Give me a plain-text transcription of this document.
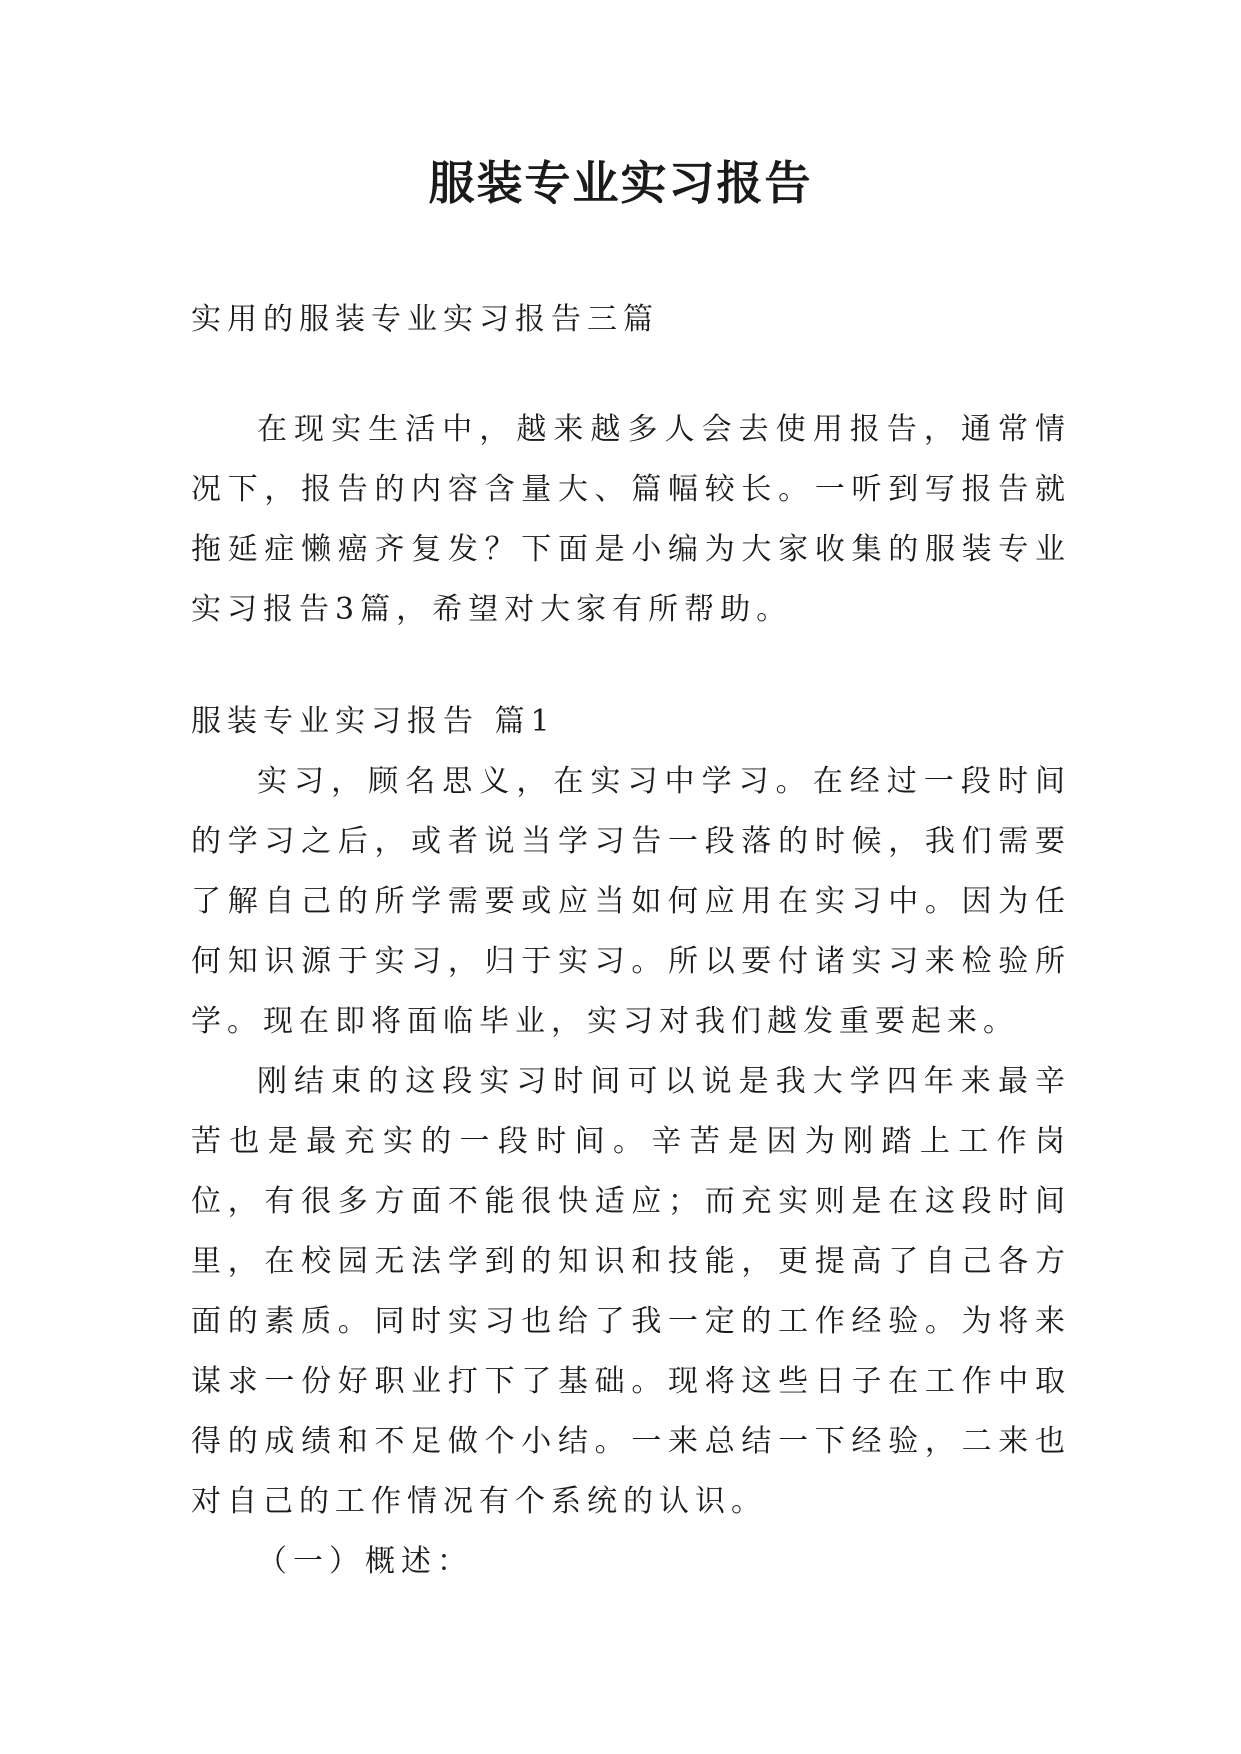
服装专业实习报告

实用的服装专业实习报告三篇

在现实生活中，越来越多人会去使用报告，通常情况下，报告的内容含量大、篇幅较长。一听到写报告就拖延症懒癌齐复发？下面是小编为大家收集的服装专业实习报告3篇，希望对大家有所帮助。

服装专业实习报告 篇1

实习，顾名思义，在实习中学习。在经过一段时间的学习之后，或者说当学习告一段落的时候，我们需要了解自己的所学需要或应当如何应用在实习中。因为任何知识源于实习，归于实习。所以要付诸实习来检验所学。现在即将面临毕业，实习对我们越发重要起来。

刚结束的这段实习时间可以说是我大学四年来最辛苦也是最充实的一段时间。辛苦是因为刚踏上工作岗位，有很多方面不能很快适应；而充实则是在这段时间里，在校园无法学到的知识和技能，更提高了自己各方面的素质。同时实习也给了我一定的工作经验。为将来谋求一份好职业打下了基础。现将这些日子在工作中取得的成绩和不足做个小结。一来总结一下经验，二来也对自己的工作情况有个系统的认识。

（一）概述：
